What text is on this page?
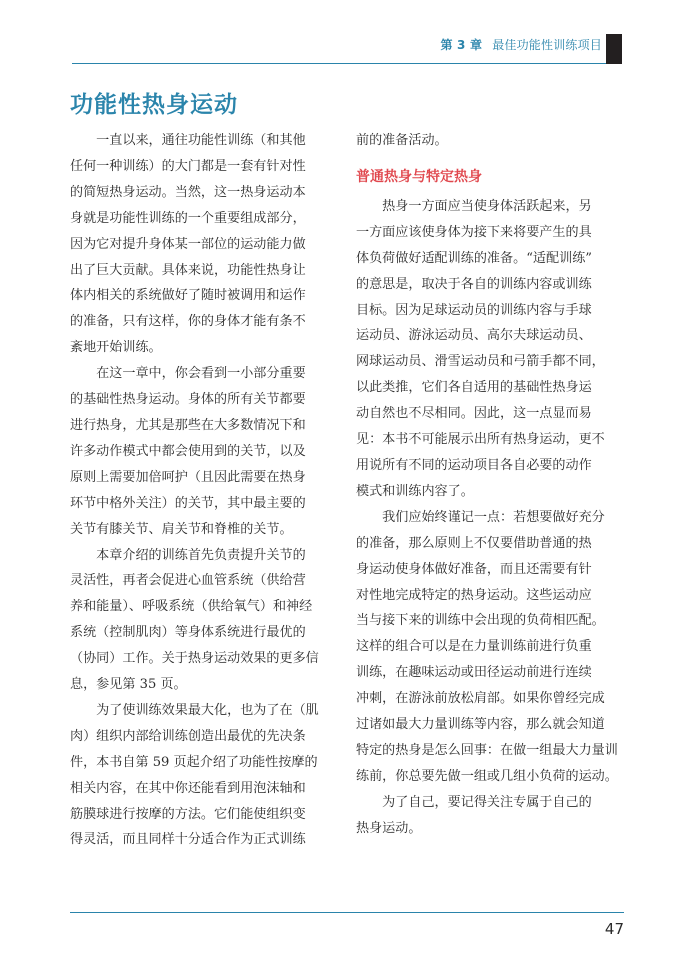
第 3 章 最佳功能性训练项目
功能性热身运动
　　一直以来，通往功能性训练（和其他
任何一种训练）的大门都是一套有针对性
的简短热身运动。当然，这一热身运动本
身就是功能性训练的一个重要组成部分，
因为它对提升身体某一部位的运动能力做
出了巨大贡献。具体来说，功能性热身让
体内相关的系统做好了随时被调用和运作
的准备，只有这样，你的身体才能有条不
紊地开始训练。
　　在这一章中，你会看到一小部分重要
的基础性热身运动。身体的所有关节都要
进行热身，尤其是那些在大多数情况下和
许多动作模式中都会使用到的关节，以及
原则上需要加倍呵护（且因此需要在热身
环节中格外关注）的关节，其中最主要的
关节有膝关节、肩关节和脊椎的关节。
　　本章介绍的训练首先负责提升关节的
灵活性，再者会促进心血管系统（供给营
养和能量）、呼吸系统（供给氧气）和神经
系统（控制肌肉）等身体系统进行最优的
（协同）工作。关于热身运动效果的更多信
息，参见第 35 页。
　　为了使训练效果最大化，也为了在（肌
肉）组织内部给训练创造出最优的先决条
件，本书自第 59 页起介绍了功能性按摩的
相关内容，在其中你还能看到用泡沫轴和
筋膜球进行按摩的方法。它们能使组织变
得灵活，而且同样十分适合作为正式训练
前的准备活动。
普通热身与特定热身
　　热身一方面应当使身体活跃起来，另
一方面应该使身体为接下来将要产生的具
体负荷做好适配训练的准备。“适配训练”
的意思是，取决于各自的训练内容或训练
目标。因为足球运动员的训练内容与手球
运动员、游泳运动员、高尔夫球运动员、
网球运动员、滑雪运动员和弓箭手都不同，
以此类推，它们各自适用的基础性热身运
动自然也不尽相同。因此，这一点显而易
见：本书不可能展示出所有热身运动，更不
用说所有不同的运动项目各自必要的动作
模式和训练内容了。
　　我们应始终谨记一点：若想要做好充分
的准备，那么原则上不仅要借助普通的热
身运动使身体做好准备，而且还需要有针
对性地完成特定的热身运动。这些运动应
当与接下来的训练中会出现的负荷相匹配。
这样的组合可以是在力量训练前进行负重
训练，在趣味运动或田径运动前进行连续
冲刺，在游泳前放松肩部。如果你曾经完成
过诸如最大力量训练等内容，那么就会知道
特定的热身是怎么回事：在做一组最大力量训
练前，你总要先做一组或几组小负荷的运动。
　　为了自己，要记得关注专属于自己的
热身运动。
47
